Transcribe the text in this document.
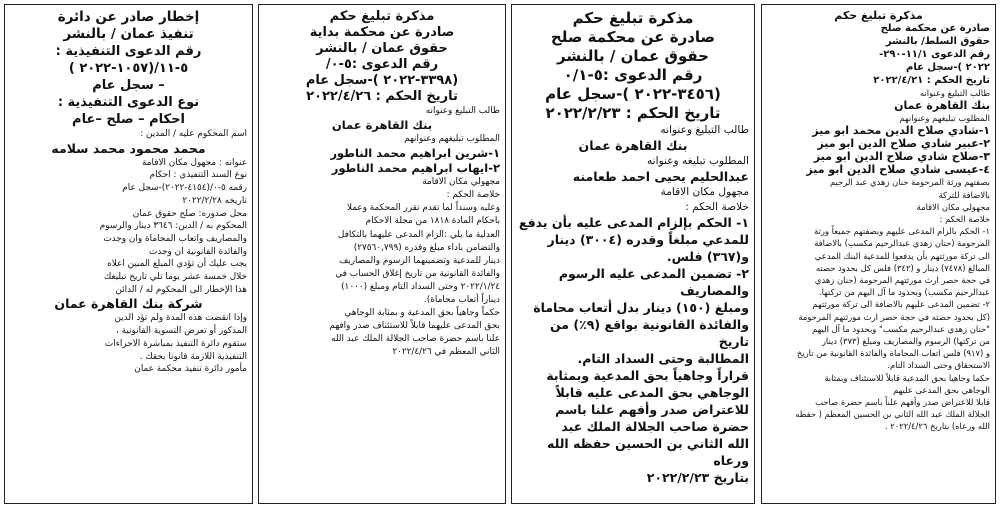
مذكرة تبليغ حكم

صادرة عن محكمة صلح

حقوق السلط/ بالنشر

رقم الدعوى ١١/١-٢٩٠-

٢٠٢٢ )-سجل عام

تاريخ الحكم : ٢٠٢٢/٤/٢١

طالب التبليغ وعنوانه

بنك القاهرة عمان

المطلوب تبليغهم وعنوانهم

١-شادي صلاح الدين محمد ابو ميز

٢-عبير شادي صلاح الدين ابو ميز

٣-صلاح شادي صلاح الدين ابو ميز

٤-عيسى شادي صلاح الدين ابو ميز

بصفتهم ورثة المرحومة حنان زهدي عبد الرحيم

بالاضافة للتركة

مجهولي مكان الاقامة

خلاصة الحكم :

١- الحكم بالزام المدعى عليهم وبصفتهم جميعاً ورثة

المرحومة (حنان زهدي عبدالرحيم مكسب) بالاضافة

الى تركة مورثتهم بأن يدفعوا للمدعية البنك المدعي

المبالغ (٧٤٧٨) دينار و (٣٤٢) فلس كل بحدود حصته

في حجة حصر ارث مورثتهم المرحومة (حنان زهدي

عبدالرحيم مكسب) وبحدود ما آل اليهم من تركتها.

٢- تضمين المدعى عليهم بالاضافة الى تركة مورثتهم

(كل بحدود حصته في حجة حصر ارث مورثتهم المرحومة

"حنان زهدي عبدالرحيم مكسب" وبحدود ما آل اليهم

من تركتها) الرسوم والمصاريف ومبلغ (٣٧٣) دينار

و (٩١٧) فلس اتعاب المحاماة والفائدة القانونية من تاريخ

الاستحقاق وحتى السداد التام.

حكما وجاهيا بحق المدعية قابلاً للاستئناف وبمثابة

الوجاهي بحق المدعى عليهم

قابلا للاعتراض صدر وأفهم علناً باسم حضرة صاحب

الجلالة الملك عبد الله الثاني بن الحسين المعظم ( حفظه

الله ورعاه) بتاريخ ٢٠٢٢/٤/٢٦ .

مذكرة تبليغ حكم

صادرة عن محكمة صلح

حقوق عمان / بالنشر

رقم الدعوى :٥-٠/١

(٣٤٥٦-٢٠٢٢ )-سجل عام

تاريخ الحكم : ٢٠٢٢/٢/٢٣

طالب التبليغ وعنوانه

بنك القاهرة عمان

المطلوب تبليغه وعنوانه

عبدالحليم يحيى احمد طعامنه

مجهول مكان الاقامة

خلاصة الحكم :

١- الحكم بإلزام المدعى عليه بأن يدفع

للمدعي مبلغاً وقدره (٣٠٠٤) دينار

و(٣٦٧) فلس.

٢- تضمين المدعى عليه الرسوم والمصاريف

ومبلغ (١٥٠) دينار بدل أتعاب محاماة

والفائدة القانونية بواقع (٩٪) من تاريخ

المطالبة وحتى السداد التام.

قراراً وجاهياً بحق المدعية وبمثابة

الوجاهي بحق المدعى عليه قابلاً

للاعتراض صدر وأفهم علنا باسم

حضرة صاحب الجلالة الملك عبد

الله الثاني بن الحسين حفظه الله ورعاه

بتاريخ ٢٠٢٢/٢/٢٣

مذكرة تبليغ حكم

صادرة عن محكمة بداية

حقوق عمان / بالنشر

رقم الدعوى :٥-٠/

(٣٣٩٨-٢٠٢٢ )-سجل عام

تاريخ الحكم : ٢٠٢٢/٤/٢٦

طالب التبليغ وعنوانه

بنك القاهرة عمان

المطلوب تبليغهم وعنوانهم

١-شرين ابراهيم محمد الناطور

٢-ايهاب ابراهيم محمد الناطور

مجهولي مكان الاقامة

خلاصة الحكم :

وعليه وسنداً لما تقدم تقرر المحكمة وعملا

باحكام المادة ١٨١٨ من مجلة الاحكام

العدلية ما يلي :الزام المدعى عليهما بالتكافل

والتضامن باداء مبلغ وقدره (٢٧٥٦٠,٧٩٩)

دينار للمدعية وتضمينهما الرسوم والمصاريف

والفائدة القانونية من تاريخ إغلاق الحساب في

٢٠٢٢/١/٢٤ وحتى السداد التام ومبلغ (١٠٠٠)

ديناراً أتعاب محاماة).

حكماً وجاهياً بحق المدعية و بمثابة الوجاهي

بحق المدعى عليهما قابلاً للاستئناف صدر وافهم

علنا باسم حضرة صاحب الجلالة الملك عبد الله

الثاني المعظم في ٢٠٢٢/٤/٢٦

إخطار صادر عن دائرة

تنفيذ عمان / بالنشر

رقم الدعوى التنفيذية :

٥-١١/(١٠٥٧-٢٠٢٢ )

– سجل عام

نوع الدعوى التنفيذية :

احكام – صلح –عام

اسم المحكوم عليه / المدين :

محمد محمود محمد سلامه

عنوانه : مجهول مكان الاقامة

نوع السند التنفيذي : احكام

رقمه ٥-٠/(٤١٥٤-٢٠٢٢)-سجل عام

تاريخه ٢٠٢٢/٢/٢٨

محل صدوره: صلح حقوق عمان

المحكوم به / الدين: ٣٦٤٦ دينار والرسوم

والمصاريف واتعاب المحاماة وان وجدت

والفائدة القانونية ان وجدت

يجب عليك أن تؤدي المبلغ المبين اعلاه

خلال خمسة عشر يوما تلي تاريخ تبليغك

هذا الإخطار الى المحكوم له / الدائن

شركة بنك القاهرة عمان

وإذا انقضت هذه المدة ولم تؤد الدين

المذكور أو تعرض التسوية القانونية ،

ستقوم دائرة التنفيذ بمباشرة الاجراءات

التنفيذية اللازمة قانونا بحقك .

مأمور دائرة تنفيذ محكمة عمان
